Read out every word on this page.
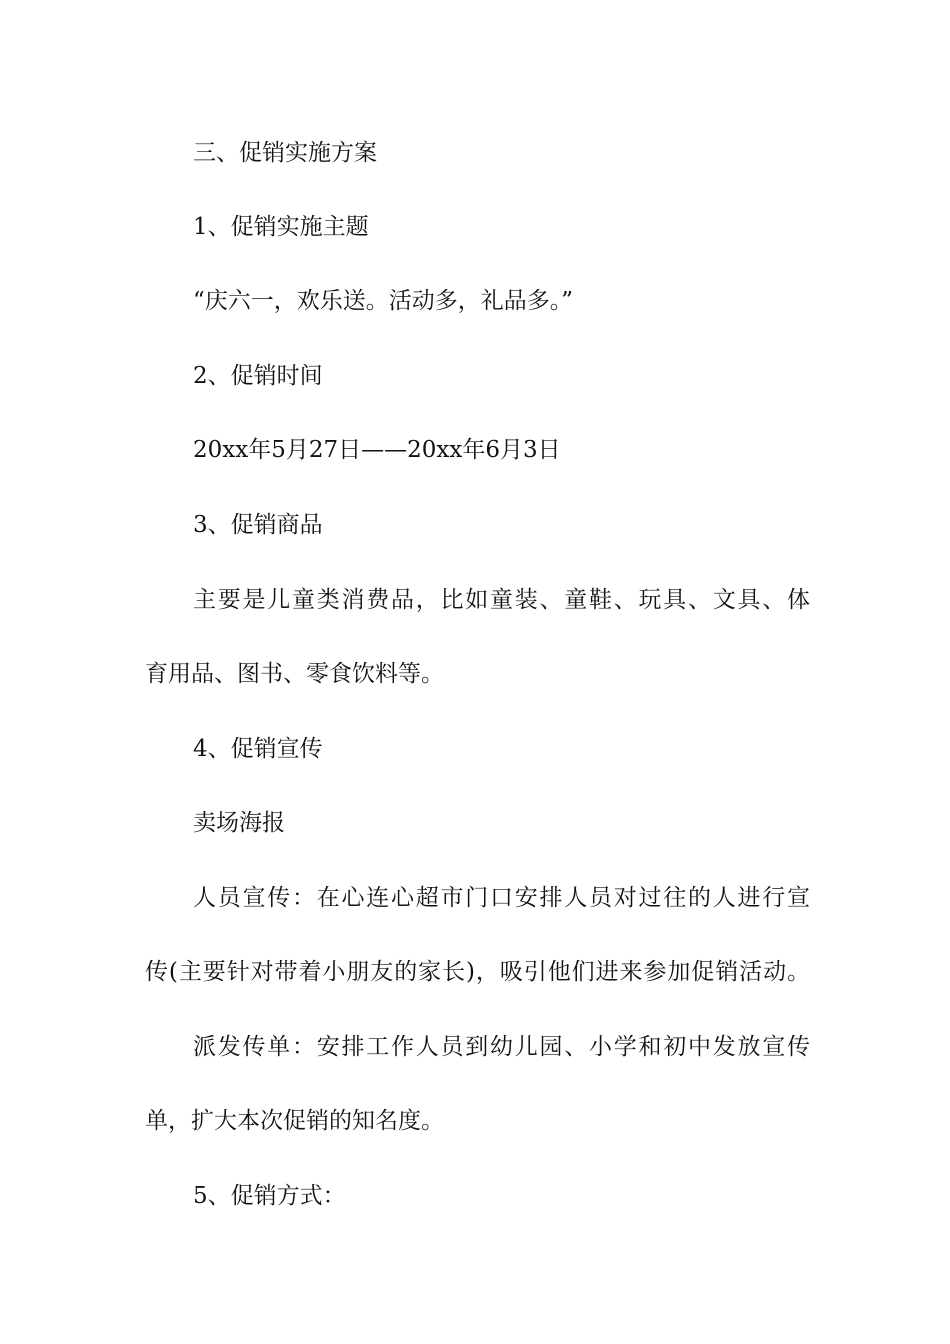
三、促销实施方案

1、促销实施主题

“庆六一，欢乐送。活动多，礼品多。”

2、促销时间

20xx年5月27日——20xx年6月3日

3、促销商品

主要是儿童类消费品，比如童装、童鞋、玩具、文具、体

育用品、图书、零食饮料等。

4、促销宣传

卖场海报

人员宣传：在心连心超市门口安排人员对过往的人进行宣

传(主要针对带着小朋友的家长)，吸引他们进来参加促销活动。

派发传单：安排工作人员到幼儿园、小学和初中发放宣传

单，扩大本次促销的知名度。

5、促销方式：
